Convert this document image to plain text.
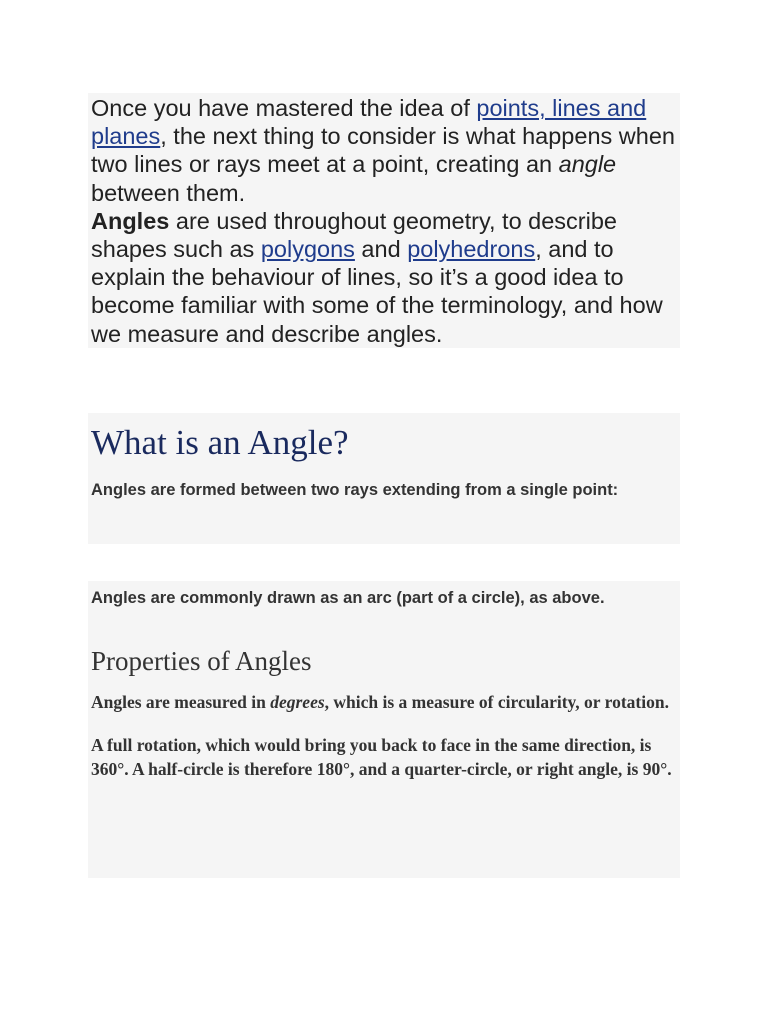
Once you have mastered the idea of points, lines and planes, the next thing to consider is what happens when two lines or rays meet at a point, creating an angle between them.

Angles are used throughout geometry, to describe shapes such as polygons and polyhedrons, and to explain the behaviour of lines, so it’s a good idea to become familiar with some of the terminology, and how we measure and describe angles.

What is an Angle?

Angles are formed between two rays extending from a single point:

Angles are commonly drawn as an arc (part of a circle), as above.

Properties of Angles

Angles are measured in degrees, which is a measure of circularity, or rotation.

A full rotation, which would bring you back to face in the same direction, is 360°. A half-circle is therefore 180°, and a quarter-circle, or right angle, is 90°.
